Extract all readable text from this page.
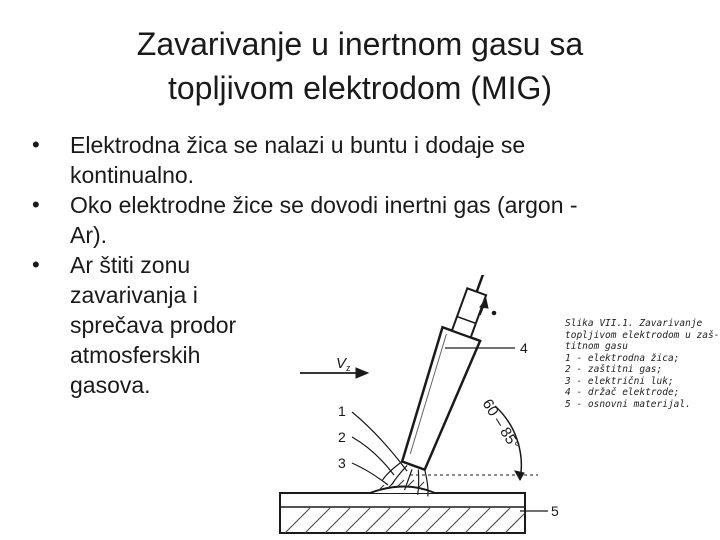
Zavarivanje u inertnom gasu sa
topljivom elektrodom (MIG)
• Elektrodna žica se nalazi u buntu i dodaje se
kontinualno.
• Oko elektrodne žice se dovodi inertni gas (argon -
Ar).
• Ar štiti zonu
zavarivanja i
sprečava prodor
atmosferskih
gasova.
V z
60 – 85°
1
2
3
4
5
Slika VII.1. Zavarivanje
topljivom elektrodom u zaš-
titnom gasu
1 - elektrodna žica;
2 - zaštitni gas;
3 - električni luk;
4 - držač elektrode;
5 - osnovni materijal.
